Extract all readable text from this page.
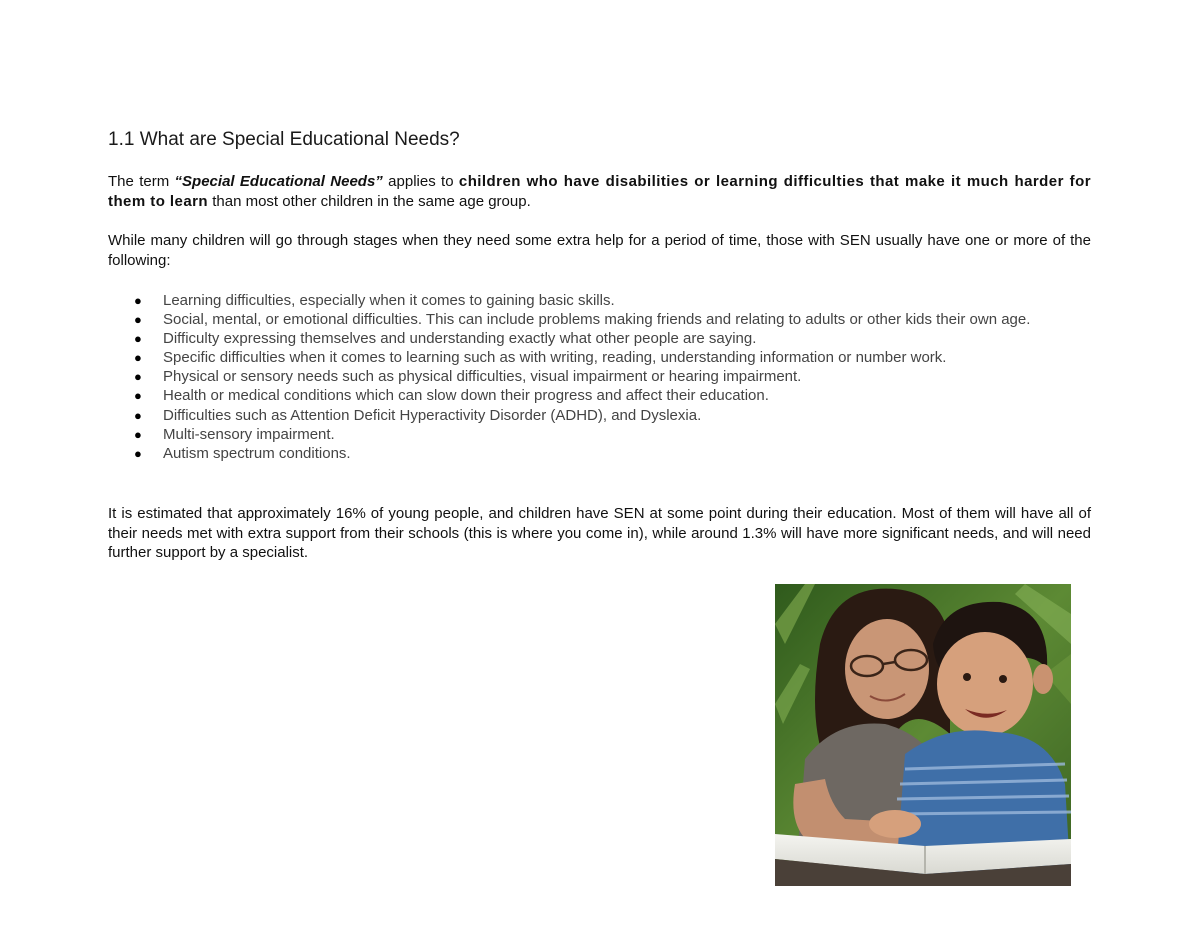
1.1 What are Special Educational Needs?

The term “Special Educational Needs” applies to children who have disabilities or learning difficulties that make it much harder for them to learn than most other children in the same age group.

While many children will go through stages when they need some extra help for a period of time, those with SEN usually have one or more of the following:

● Learning difficulties, especially when it comes to gaining basic skills.
● Social, mental, or emotional difficulties. This can include problems making friends and relating to adults or other kids their own age.
● Difficulty expressing themselves and understanding exactly what other people are saying.
● Specific difficulties when it comes to learning such as with writing, reading, understanding information or number work.
● Physical or sensory needs such as physical difficulties, visual impairment or hearing impairment.
● Health or medical conditions which can slow down their progress and affect their education.
● Difficulties such as Attention Deficit Hyperactivity Disorder (ADHD), and Dyslexia.
● Multi-sensory impairment.
● Autism spectrum conditions.

It is estimated that approximately 16% of young people, and children have SEN at some point during their education. Most of them will have all of their needs met with extra support from their schools (this is where you come in), while around 1.3% will have more significant needs, and will need further support by a specialist.
